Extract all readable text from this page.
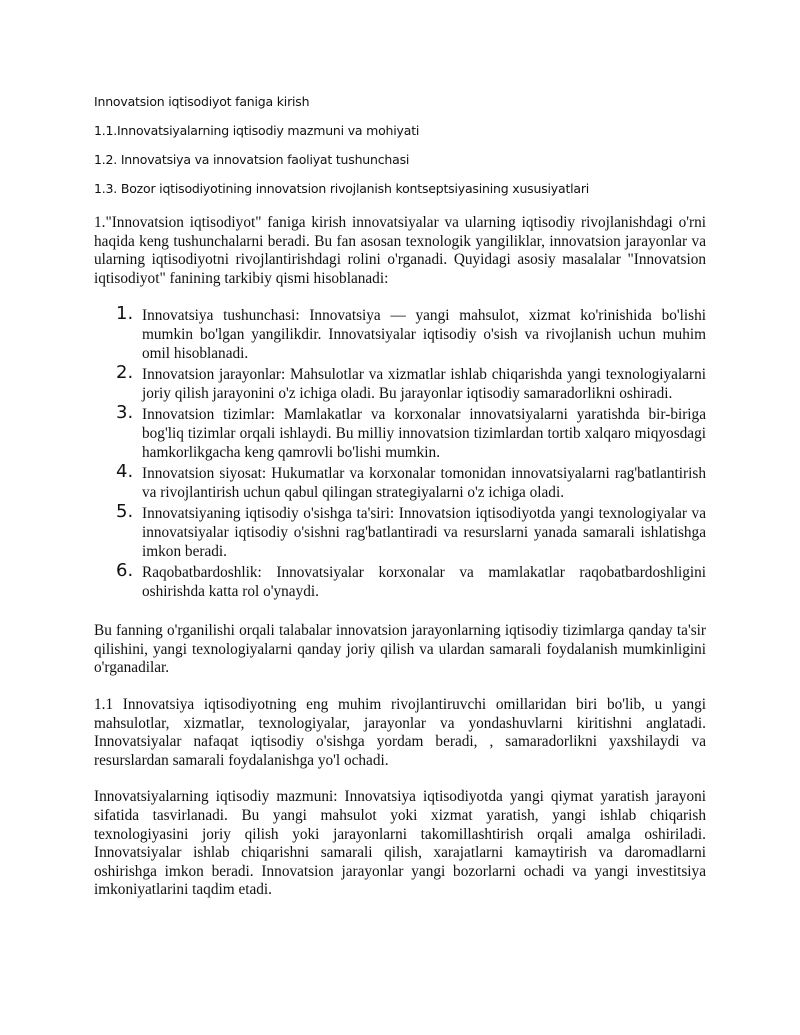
Innovatsion iqtisodiyot faniga kirish

1.1.Innovatsiyalarning iqtisodiy mazmuni va mohiyati

1.2. Innovatsiya va innovatsion faoliyat tushunchasi

1.3. Bozor iqtisodiyotining innovatsion rivojlanish kontseptsiyasining xususiyatlari

1."Innovatsion iqtisodiyot" faniga kirish innovatsiyalar va ularning iqtisodiy rivojlanishdagi o'rni haqida keng tushunchalarni beradi. Bu fan asosan texnologik yangiliklar, innovatsion jarayonlar va ularning iqtisodiyotni rivojlantirishdagi rolini o'rganadi. Quyidagi asosiy masalalar "Innovatsion iqtisodiyot" fanining tarkibiy qismi hisoblanadi:

1. Innovatsiya tushunchasi: Innovatsiya — yangi mahsulot, xizmat ko'rinishida bo'lishi mumkin bo'lgan yangilikdir. Innovatsiyalar iqtisodiy o'sish va rivojlanish uchun muhim omil hisoblanadi.
2. Innovatsion jarayonlar: Mahsulotlar va xizmatlar ishlab chiqarishda yangi texnologiyalarni joriy qilish jarayonini o'z ichiga oladi. Bu jarayonlar iqtisodiy samaradorlikni oshiradi.
3. Innovatsion tizimlar: Mamlakatlar va korxonalar innovatsiyalarni yaratishda bir-biriga bog'liq tizimlar orqali ishlaydi. Bu milliy innovatsion tizimlardan tortib xalqaro miqyosdagi hamkorlikgacha keng qamrovli bo'lishi mumkin.
4. Innovatsion siyosat: Hukumatlar va korxonalar tomonidan innovatsiyalarni rag'batlantirish va rivojlantirish uchun qabul qilingan strategiyalarni o'z ichiga oladi.
5. Innovatsiyaning iqtisodiy o'sishga ta'siri: Innovatsion iqtisodiyotda yangi texnologiyalar va innovatsiyalar iqtisodiy o'sishni rag'batlantiradi va resurslarni yanada samarali ishlatishga imkon beradi.
6. Raqobatbardoshlik: Innovatsiyalar korxonalar va mamlakatlar raqobatbardoshligini oshirishda katta rol o'ynaydi.

Bu fanning o'rganilishi orqali talabalar innovatsion jarayonlarning iqtisodiy tizimlarga qanday ta'sir qilishini, yangi texnologiyalarni qanday joriy qilish va ulardan samarali foydalanish mumkinligini o'rganadilar.

1.1 Innovatsiya iqtisodiyotning eng muhim rivojlantiruvchi omillaridan biri bo'lib, u yangi mahsulotlar, xizmatlar, texnologiyalar, jarayonlar va yondashuvlarni kiritishni anglatadi. Innovatsiyalar nafaqat iqtisodiy o'sishga yordam beradi, , samaradorlikni yaxshilaydi va resurslardan samarali foydalanishga yo'l ochadi.

Innovatsiyalarning iqtisodiy mazmuni: Innovatsiya iqtisodiyotda yangi qiymat yaratish jarayoni sifatida tasvirlanadi. Bu yangi mahsulot yoki xizmat yaratish, yangi ishlab chiqarish texnologiyasini joriy qilish yoki jarayonlarni takomillashtirish orqali amalga oshiriladi. Innovatsiyalar ishlab chiqarishni samarali qilish, xarajatlarni kamaytirish va daromadlarni oshirishga imkon beradi. Innovatsion jarayonlar yangi bozorlarni ochadi va yangi investitsiya imkoniyatlarini taqdim etadi.
